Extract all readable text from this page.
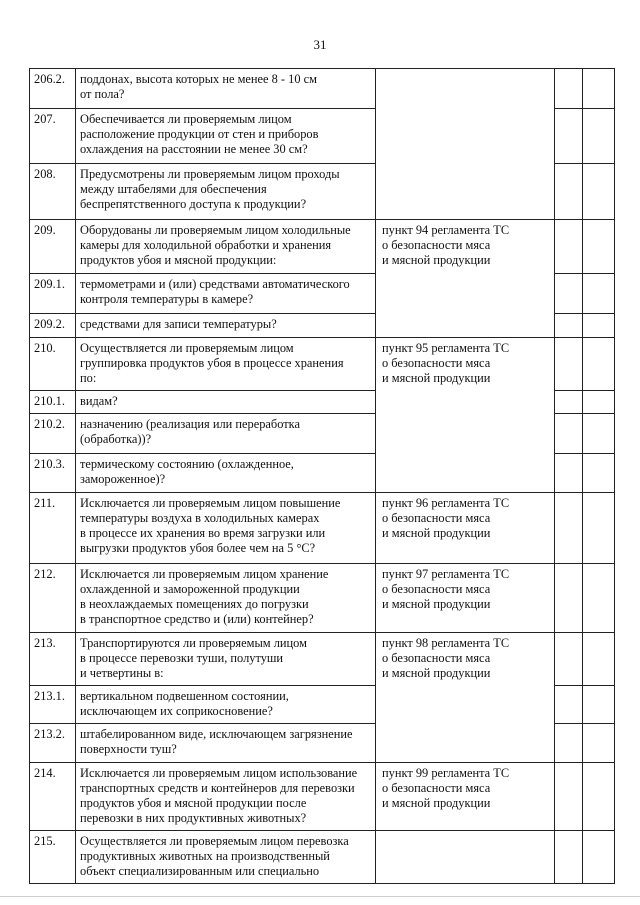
31
206.2.	поддонах, высота которых не менее 8 - 10 см
от пола?			

207.	Обеспечивается ли проверяемым лицом
расположение продукции от стен и приборов
охлаждения на расстоянии не менее 30 см?			

208.	Предусмотрены ли проверяемым лицом проходы
между штабелями для обеспечения
беспрепятственного доступа к продукции?			

209.	Оборудованы ли проверяемым лицом холодильные
камеры для холодильной обработки и хранения
продуктов убоя и мясной продукции:	пункт 94 регламента ТС
о безопасности мяса
и мясной продукции		

209.1.	термометрами и (или) средствами автоматического
контроля температуры в камере?			

209.2.	средствами для записи температуры?			

210.	Осуществляется ли проверяемым лицом
группировка продуктов убоя в процессе хранения
по:	пункт 95 регламента ТС
о безопасности мяса
и мясной продукции		

210.1.	видам?			

210.2.	назначению (реализация или переработка
(обработка))?			

210.3.	термическому состоянию (охлажденное,
замороженное)?			

211.	Исключается ли проверяемым лицом повышение
температуры воздуха в холодильных камерах
в процессе их хранения во время загрузки или
выгрузки продуктов убоя более чем на 5 °С?	пункт 96 регламента ТС
о безопасности мяса
и мясной продукции		

212.	Исключается ли проверяемым лицом хранение
охлажденной и замороженной продукции
в неохлаждаемых помещениях до погрузки
в транспортное средство и (или) контейнер?	пункт 97 регламента ТС
о безопасности мяса
и мясной продукции		

213.	Транспортируются ли проверяемым лицом
в процессе перевозки туши, полутуши
и четвертины в:	пункт 98 регламента ТС
о безопасности мяса
и мясной продукции		

213.1.	вертикальном подвешенном состоянии,
исключающем их соприкосновение?			

213.2.	штабелированном виде, исключающем загрязнение
поверхности туш?			

214.	Исключается ли проверяемым лицом использование
транспортных средств и контейнеров для перевозки
продуктов убоя и мясной продукции после
перевозки в них продуктивных животных?	пункт 99 регламента ТС
о безопасности мяса
и мясной продукции		

215.	Осуществляется ли проверяемым лицом перевозка
продуктивных животных на производственный
объект специализированным или специально			
